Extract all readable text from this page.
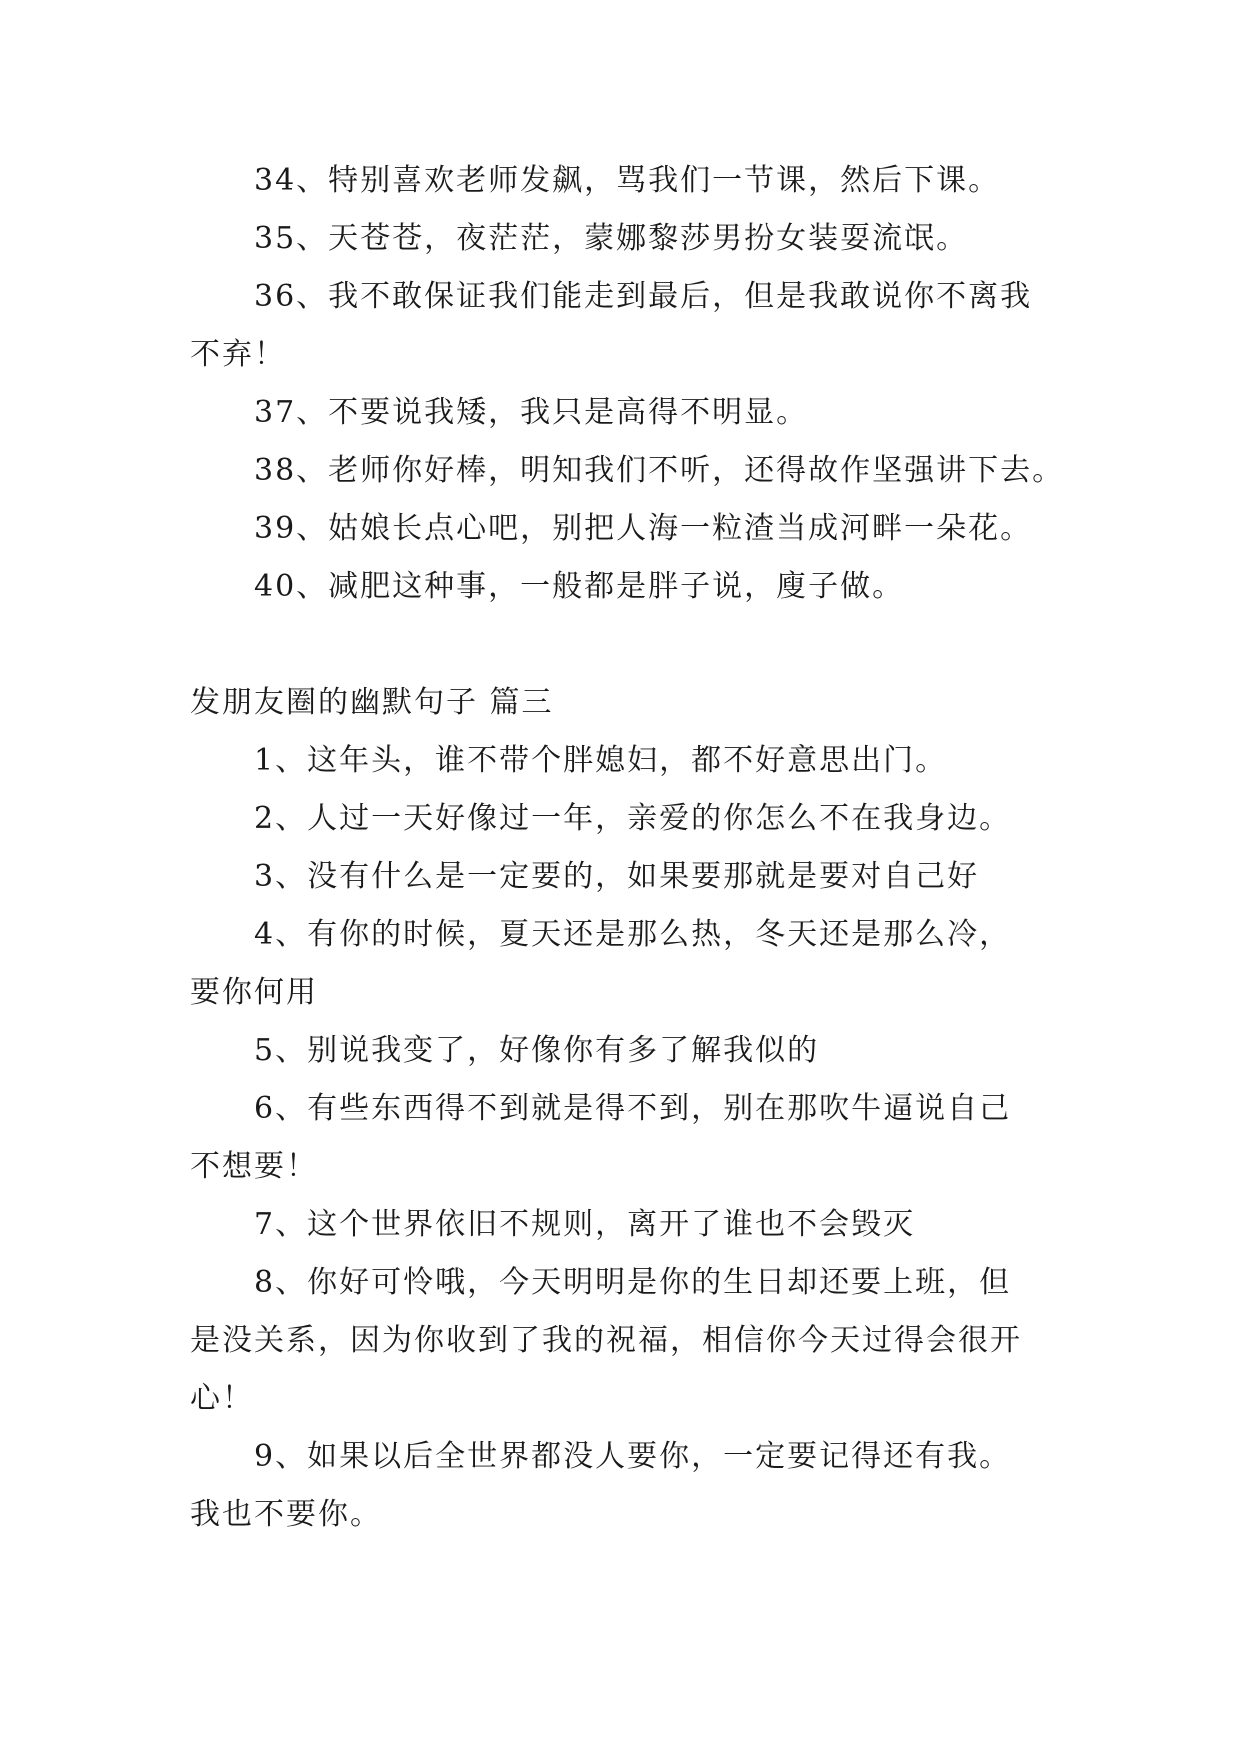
34、特别喜欢老师发飙，骂我们一节课，然后下课。
35、天苍苍，夜茫茫，蒙娜黎莎男扮女装耍流氓。
36、我不敢保证我们能走到最后，但是我敢说你不离我
不弃！
37、不要说我矮，我只是高得不明显。
38、老师你好棒，明知我们不听，还得故作坚强讲下去。
39、姑娘长点心吧，别把人海一粒渣当成河畔一朵花。
40、减肥这种事，一般都是胖子说，廋子做。
发朋友圈的幽默句子 篇三
1、这年头，谁不带个胖媳妇，都不好意思出门。
2、人过一天好像过一年，亲爱的你怎么不在我身边。
3、没有什么是一定要的，如果要那就是要对自己好
4、有你的时候，夏天还是那么热，冬天还是那么冷，
要你何用
5、别说我变了，好像你有多了解我似的
6、有些东西得不到就是得不到，别在那吹牛逼说自己
不想要！
7、这个世界依旧不规则，离开了谁也不会毁灭
8、你好可怜哦，今天明明是你的生日却还要上班，但
是没关系，因为你收到了我的祝福，相信你今天过得会很开
心！
9、如果以后全世界都没人要你，一定要记得还有我。
我也不要你。
